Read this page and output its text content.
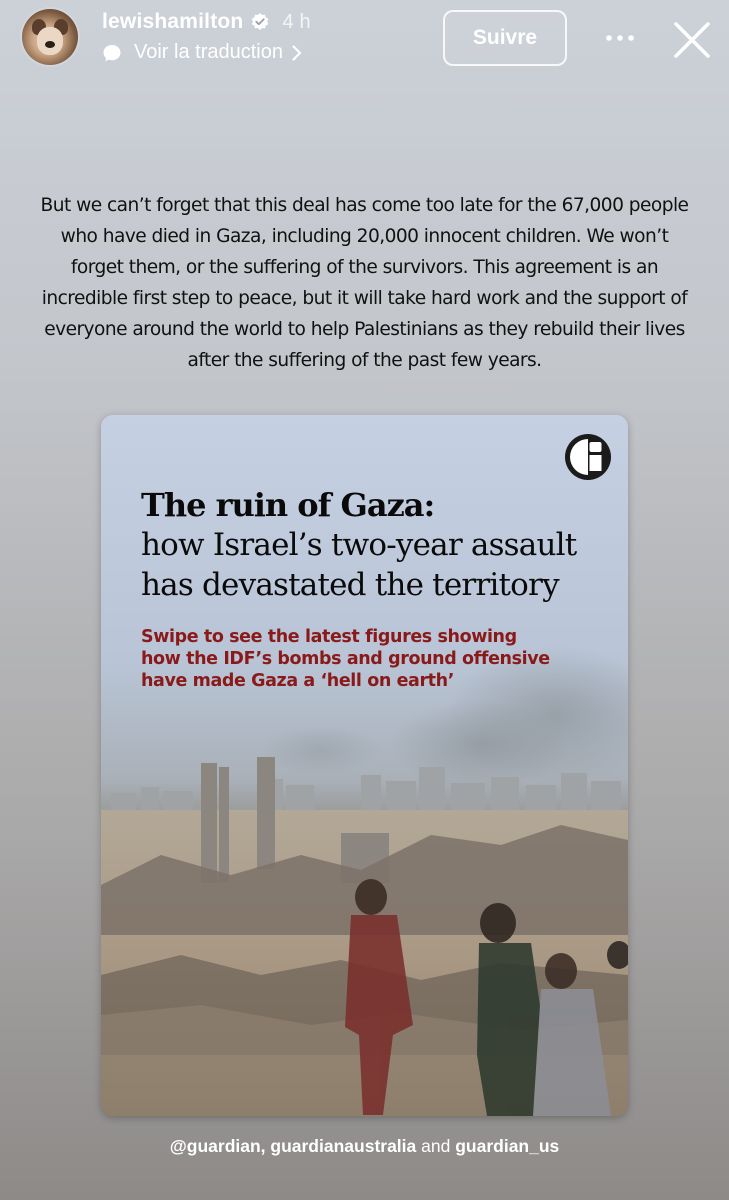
lewishamilton 4 h
Voir la traduction
Suivre
But we can’t forget that this deal has come too late for the 67,000 people who have died in Gaza, including 20,000 innocent children. We won’t forget them, or the suffering of the survivors. This agreement is an incredible first step to peace, but it will take hard work and the support of everyone around the world to help Palestinians as they rebuild their lives after the suffering of the past few years.
The ruin of Gaza:
how Israel’s two-year assault
has devastated the territory
Swipe to see the latest figures showing how the IDF’s bombs and ground offensive have made Gaza a ‘hell on earth’
@guardian, guardianaustralia and guardian_us
